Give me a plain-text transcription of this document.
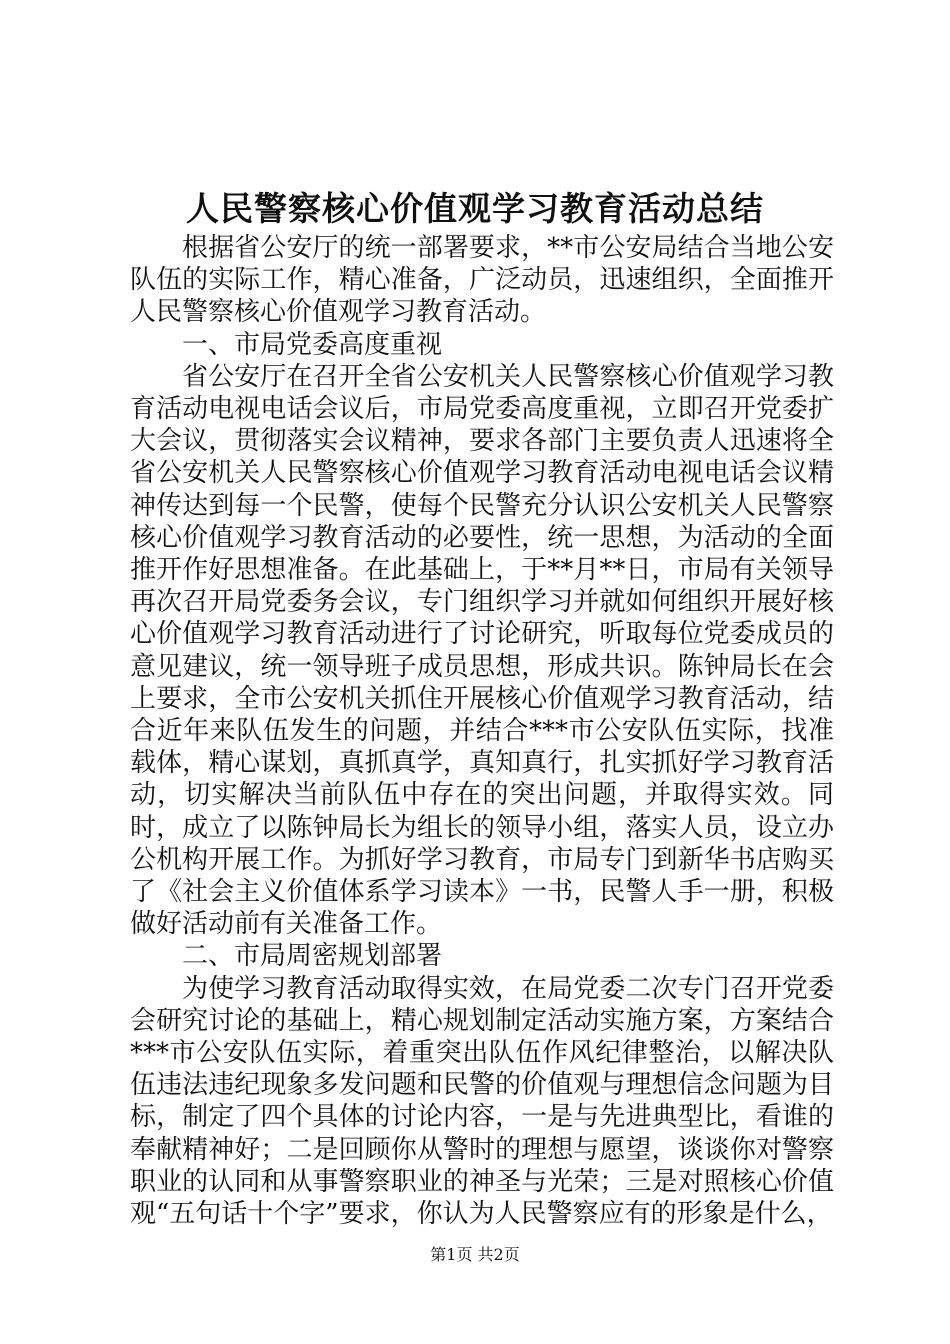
人民警察核心价值观学习教育活动总结

根据省公安厅的统一部署要求，**市公安局结合当地公安队伍的实际工作，精心准备，广泛动员，迅速组织，全面推开人民警察核心价值观学习教育活动。

一、市局党委高度重视

省公安厅在召开全省公安机关人民警察核心价值观学习教育活动电视电话会议后，市局党委高度重视，立即召开党委扩大会议，贯彻落实会议精神，要求各部门主要负责人迅速将全省公安机关人民警察核心价值观学习教育活动电视电话会议精神传达到每一个民警，使每个民警充分认识公安机关人民警察核心价值观学习教育活动的必要性，统一思想，为活动的全面推开作好思想准备。在此基础上，于**月**日，市局有关领导再次召开局党委务会议，专门组织学习并就如何组织开展好核心价值观学习教育活动进行了讨论研究，听取每位党委成员的意见建议，统一领导班子成员思想，形成共识。陈钟局长在会上要求，全市公安机关抓住开展核心价值观学习教育活动，结合近年来队伍发生的问题，并结合***市公安队伍实际，找准载体，精心谋划，真抓真学，真知真行，扎实抓好学习教育活动，切实解决当前队伍中存在的突出问题，并取得实效。同时，成立了以陈钟局长为组长的领导小组，落实人员，设立办公机构开展工作。为抓好学习教育，市局专门到新华书店购买了《社会主义价值体系学习读本》一书，民警人手一册，积极做好活动前有关准备工作。

二、市局周密规划部署

为使学习教育活动取得实效，在局党委二次专门召开党委会研究讨论的基础上，精心规划制定活动实施方案，方案结合***市公安队伍实际，着重突出队伍作风纪律整治，以解决队伍违法违纪现象多发问题和民警的价值观与理想信念问题为目标，制定了四个具体的讨论内容，一是与先进典型比，看谁的奉献精神好；二是回顾你从警时的理想与愿望，谈谈你对警察职业的认同和从事警察职业的神圣与光荣；三是对照核心价值观“五句话十个字”要求，你认为人民警察应有的形象是什么，

第1页 共2页
